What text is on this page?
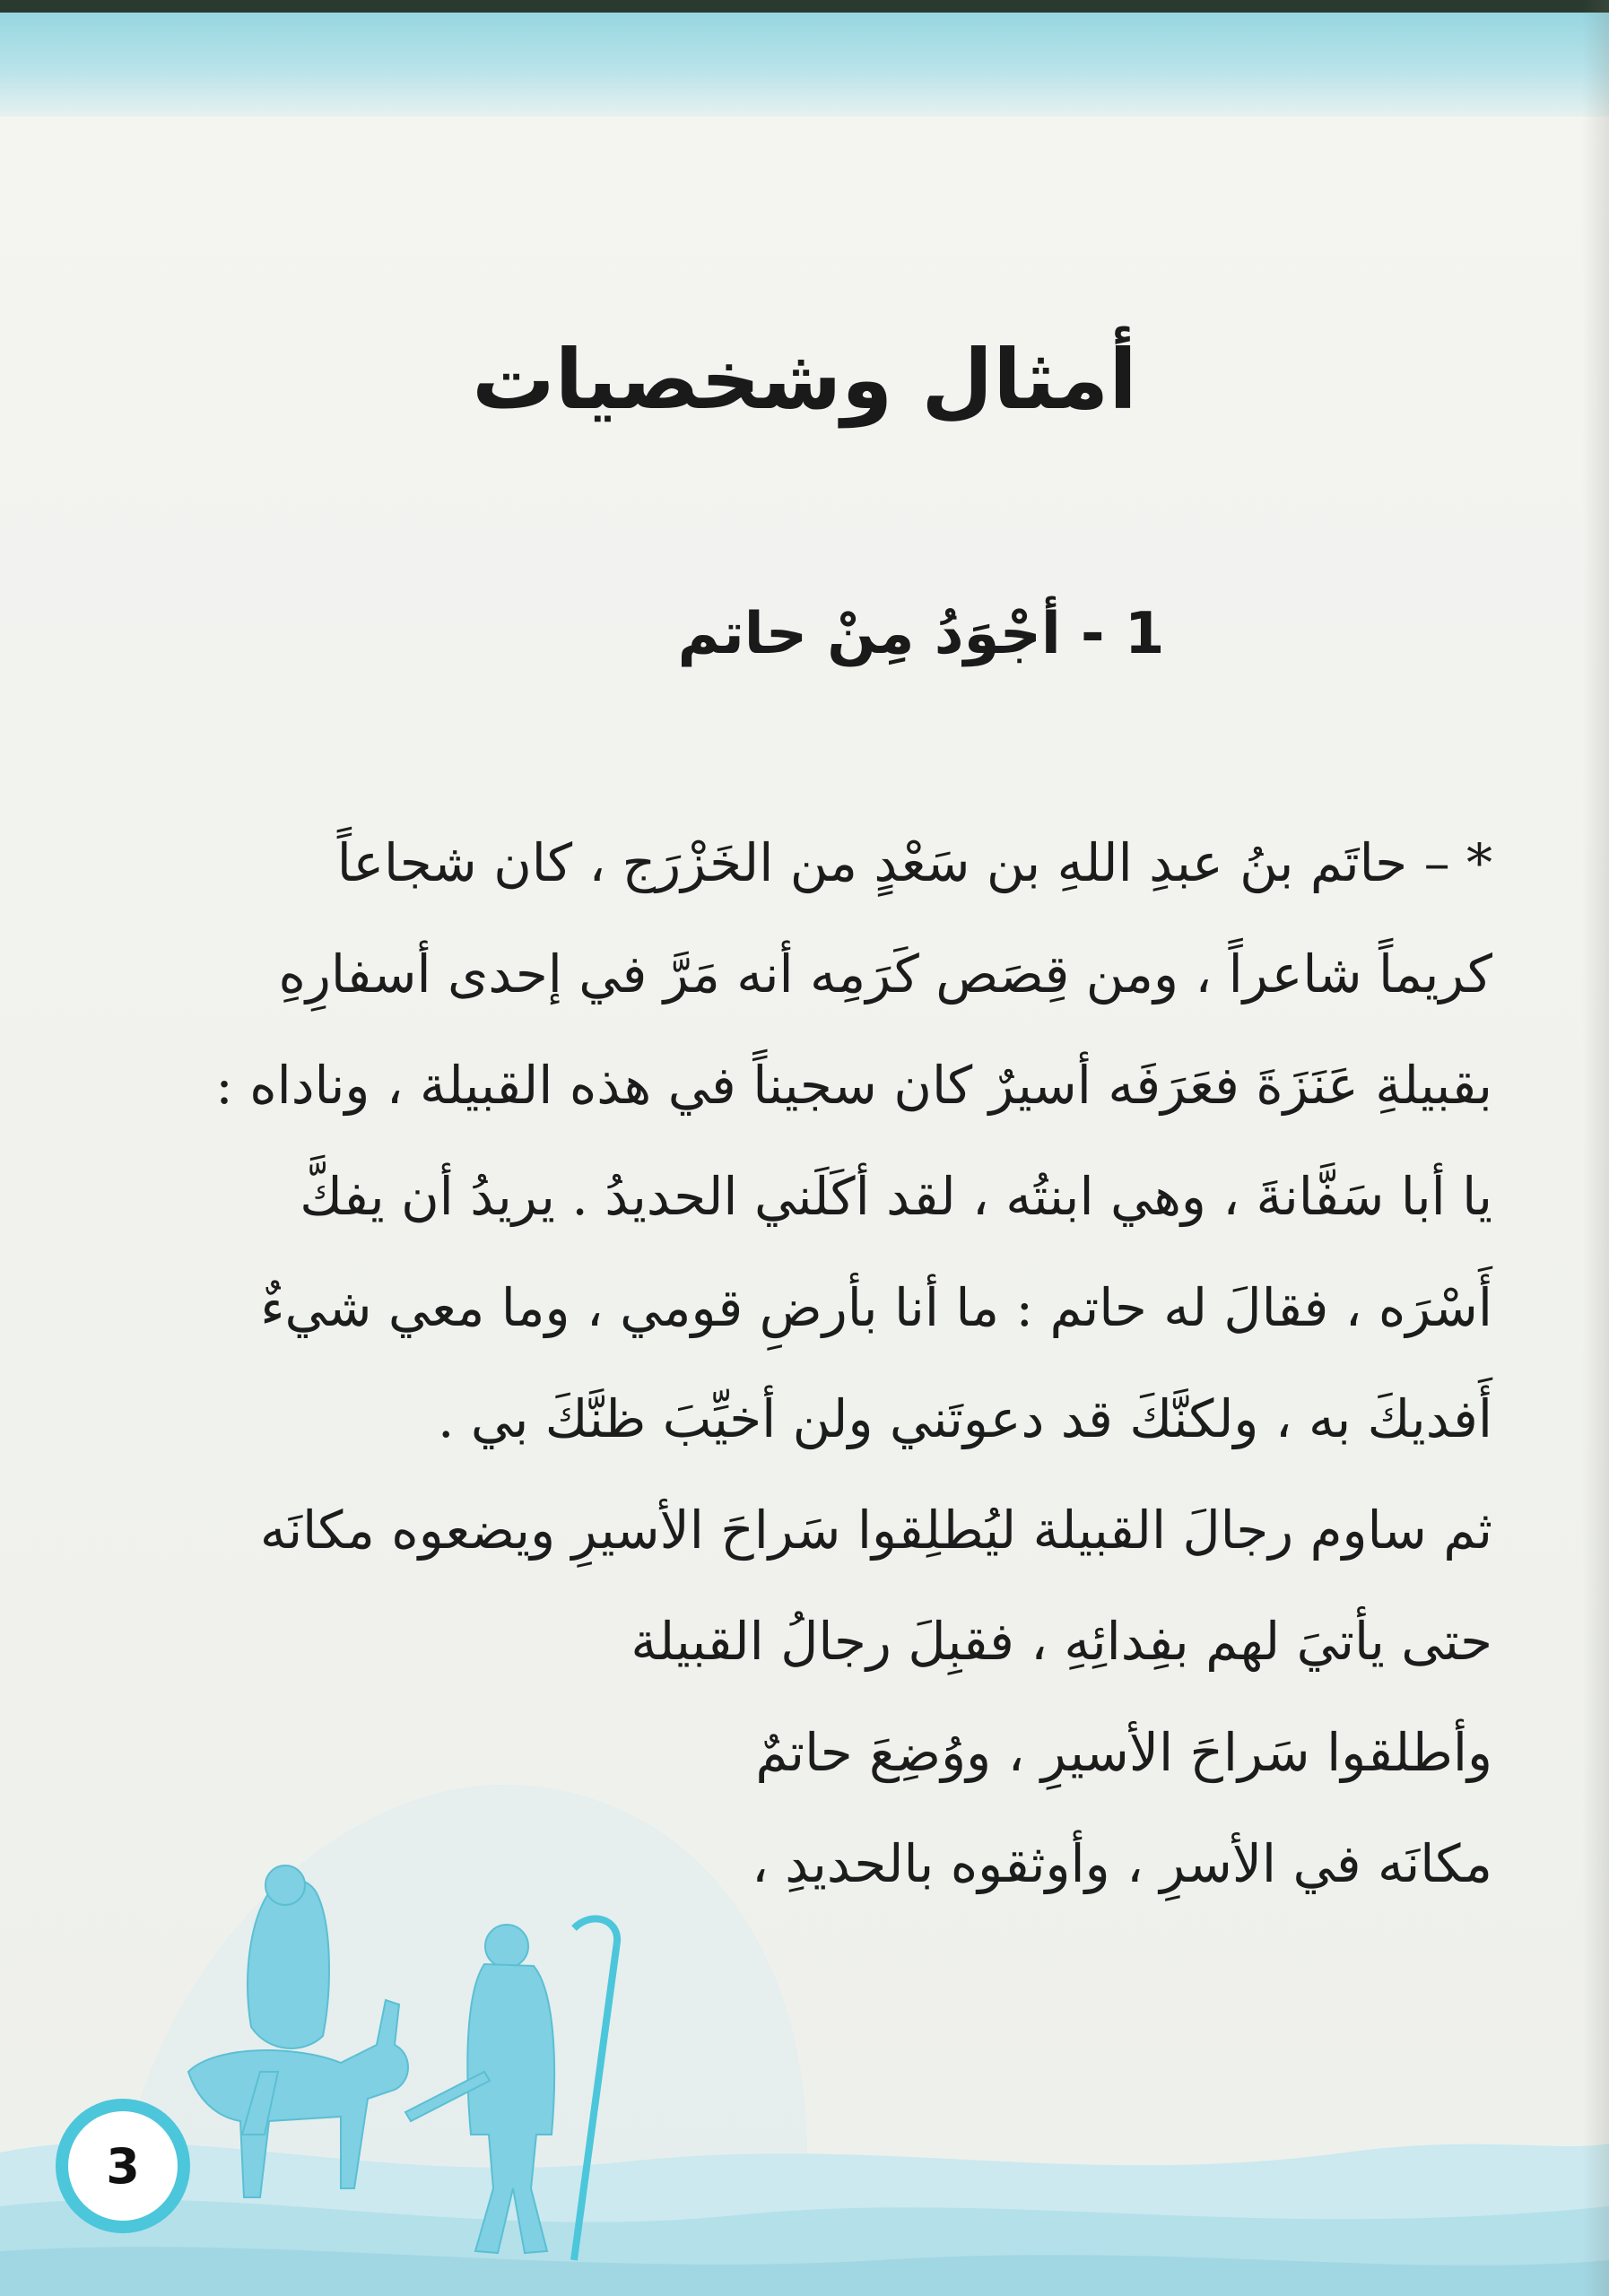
أمثال وشخصيات
1 - أجْوَدُ مِنْ حاتم
* – حاتَم بنُ عبدِ اللهِ بن سَعْدٍ من الخَزْرَج ، كان شجاعاً
كريماً شاعراً ، ومن قِصَص كَرَمِه أنه مَرَّ في إحدى أسفارِهِ
بقبيلةِ عَنَزَةَ فعَرَفَه أسيرٌ كان سجيناً في هذه القبيلة ، وناداه :
يا أبا سَفَّانةَ ، وهي ابنتُه ، لقد أكَلَني الحديدُ . يريدُ أن يفكَّ
أَسْرَه ، فقالَ له حاتم : ما أنا بأرضِ قومي ، وما معي شيءٌ
أَفديكَ به ، ولكنَّكَ قد دعوتَني ولن أخيِّبَ ظنَّكَ بي .
ثم ساوم رجالَ القبيلة ليُطلِقوا سَراحَ الأسيرِ ويضعوه مكانَه
حتى يأتيَ لهم بفِدائِهِ ، فقبِلَ رجالُ القبيلة
وأطلقوا سَراحَ الأسيرِ ، ووُضِعَ حاتمٌ
مكانَه في الأسرِ ، وأوثقوه بالحديدِ ،
3
